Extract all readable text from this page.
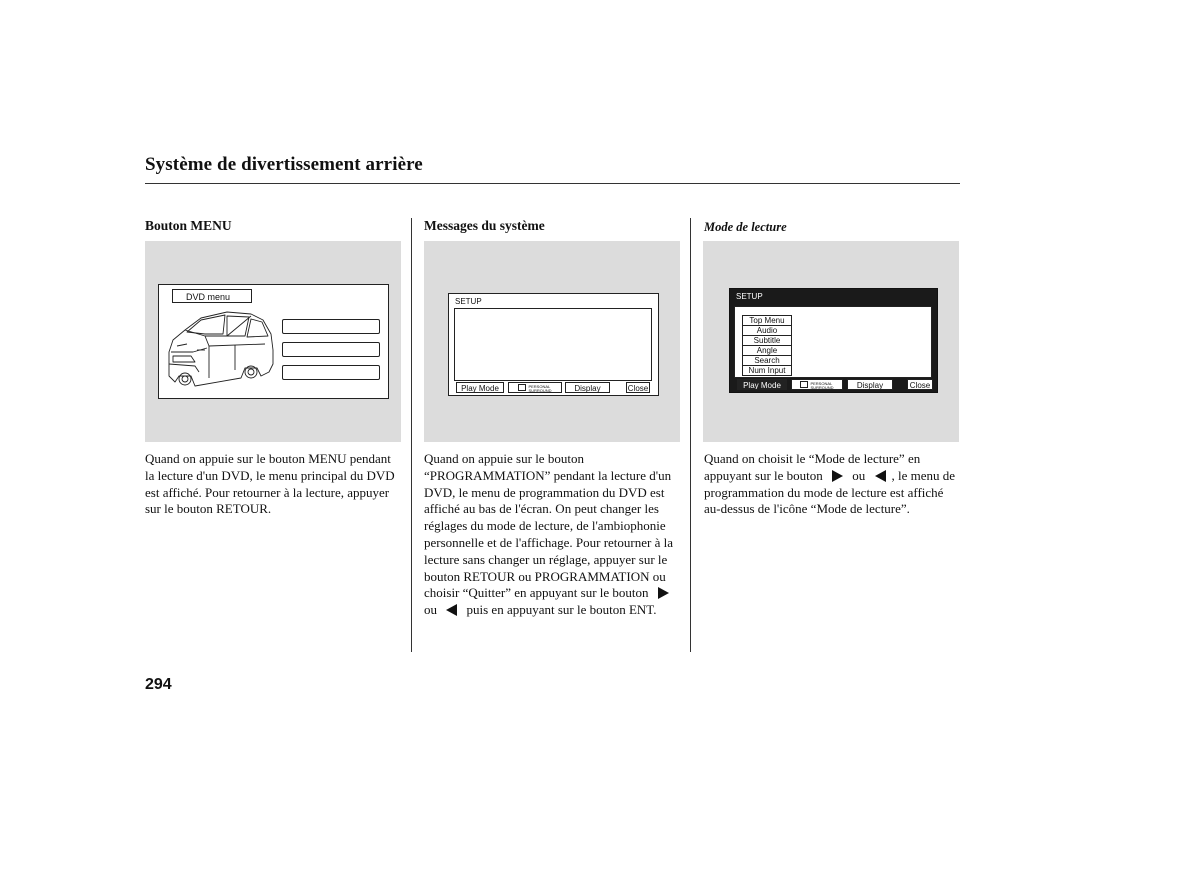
Système de divertissement arrière
Bouton MENU
DVD menu
Quand on appuie sur le bouton MENU pendant la lecture d'un DVD, le menu principal du DVD est affiché. Pour retourner à la lecture, appuyer sur le bouton RETOUR.
Messages du système
SETUP
Play Mode	PERSONAL
SURROUND	Display	Close
Quand on appuie sur le bouton “PROGRAMMATION” pendant la lecture d'un DVD, le menu de programmation du DVD est affiché au bas de l'écran. On peut changer les réglages du mode de lecture, de l'ambiophonie personnelle et de l'affichage. Pour retourner à la lecture sans changer un réglage, appuyer sur le bouton RETOUR ou PROGRAMMATION ou choisir “Quitter” en appuyant sur le bouton  ou puis en appuyant sur le bouton ENT.
Mode de lecture
SETUP
Top Menu
Audio
Subtitle
Angle
Search
Num Input
Play Mode	PERSONAL
SURROUND	Display	Close
Quand on choisit le “Mode de lecture” en appuyant sur le bouton ou , le menu de programmation du mode de lecture est affiché au-dessus de l'icône “Mode de lecture”.
294
